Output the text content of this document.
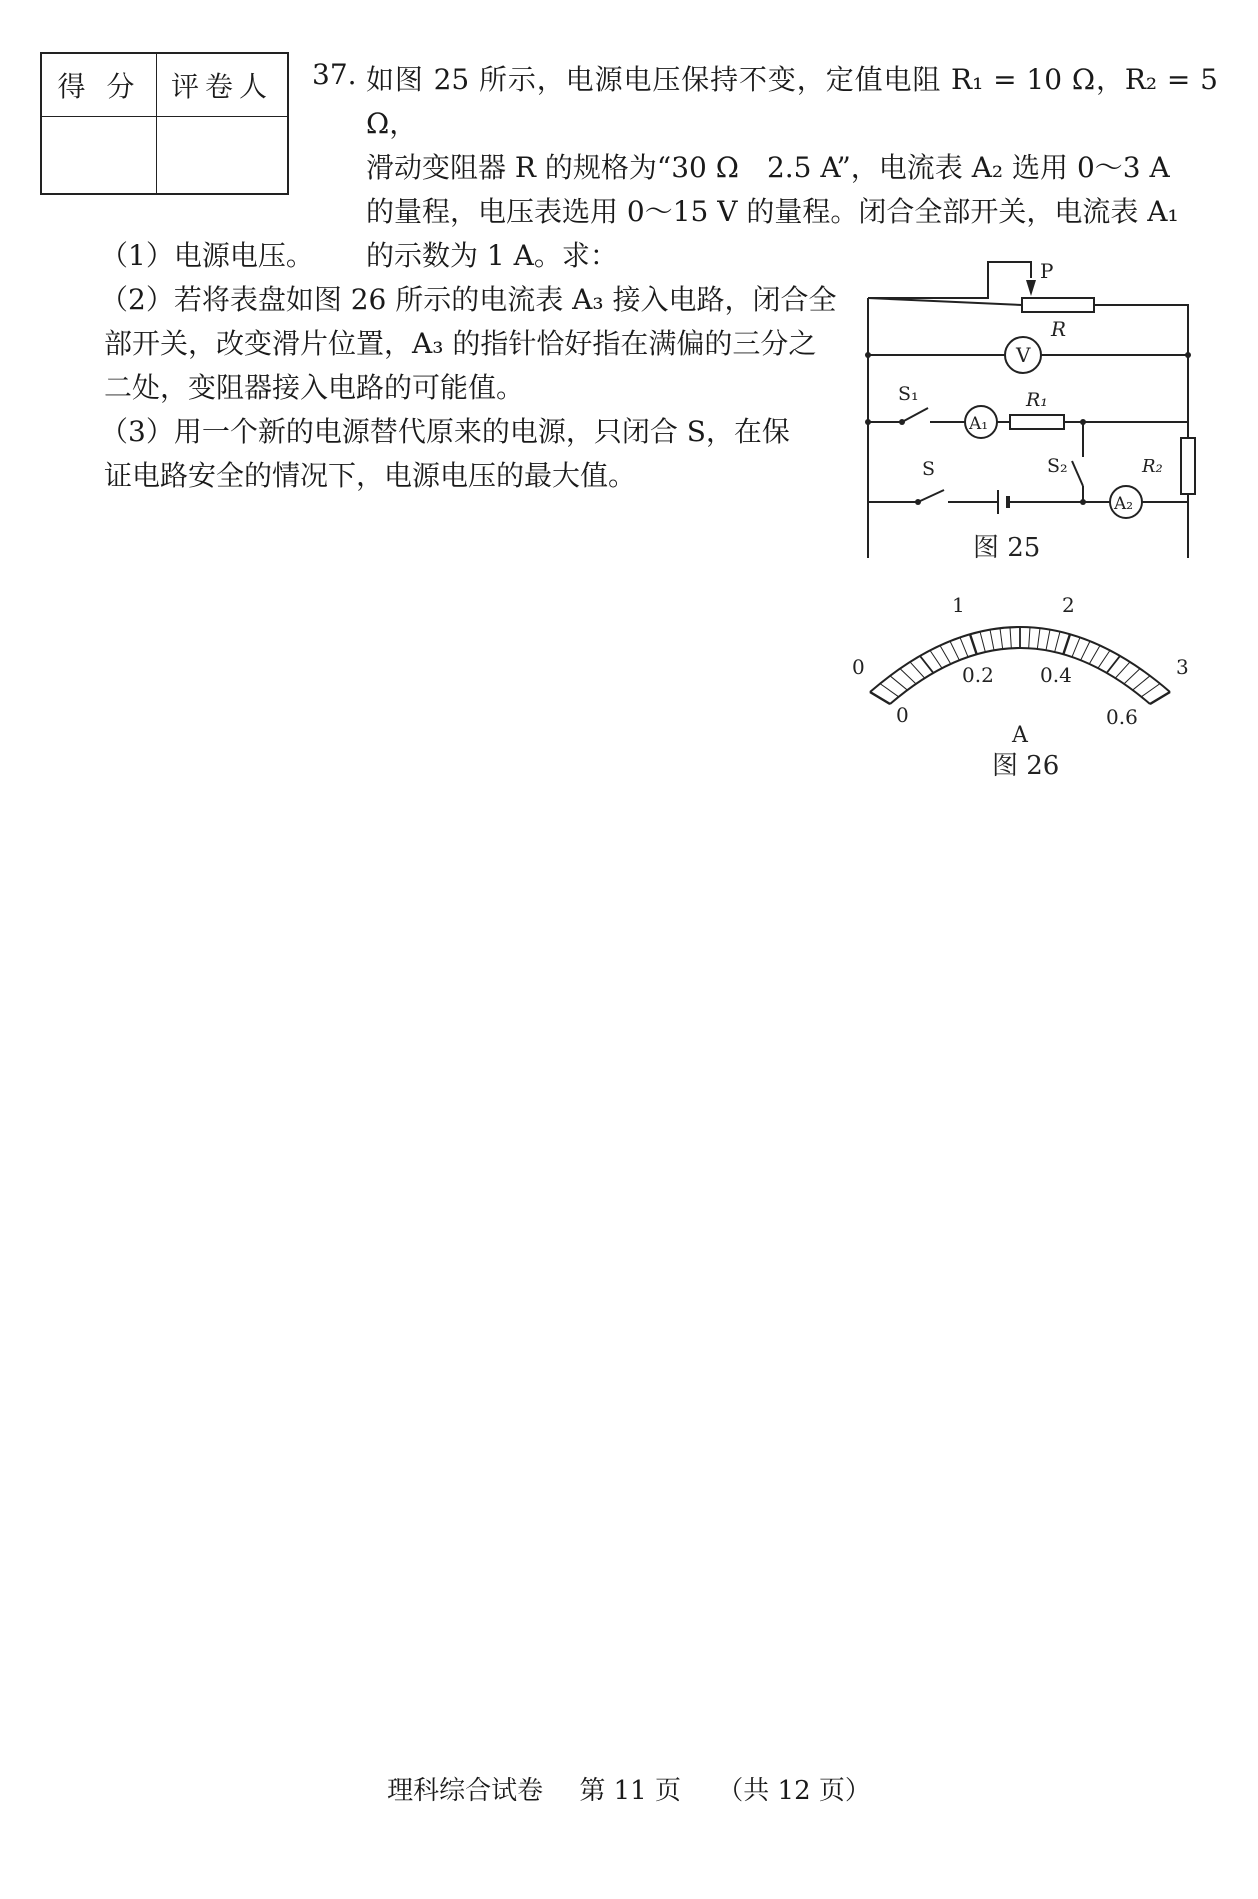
得 分	评卷人
	37. 如图 25 所示，电源电压保持不变，定值电阻 R₁ = 10 Ω，R₂ = 5 Ω，

滑动变阻器 R 的规格为“30 Ω　2.5 A”，电流表 A₂ 选用 0～3 A

的量程，电压表选用 0～15 V 的量程。闭合全部开关，电流表 A₁

的示数为 1 A。求：

（1）电源电压。

（2）若将表盘如图 26 所示的电流表 A₃ 接入电路，闭合全

部开关，改变滑片位置，A₃ 的指针恰好指在满偏的三分之

二处，变阻器接入电路的可能值。

（3）用一个新的电源替代原来的电源，只闭合 S，在保

证电路安全的情况下，电源电压的最大值。

P
R
V
S₁
A₁
R₁
S	S₂	R₂
A₂
图 25
0
1	2
3
0
0.2 0.4
0.6
A
图 26
理科综合试卷 第 11 页 （共 12 页）
